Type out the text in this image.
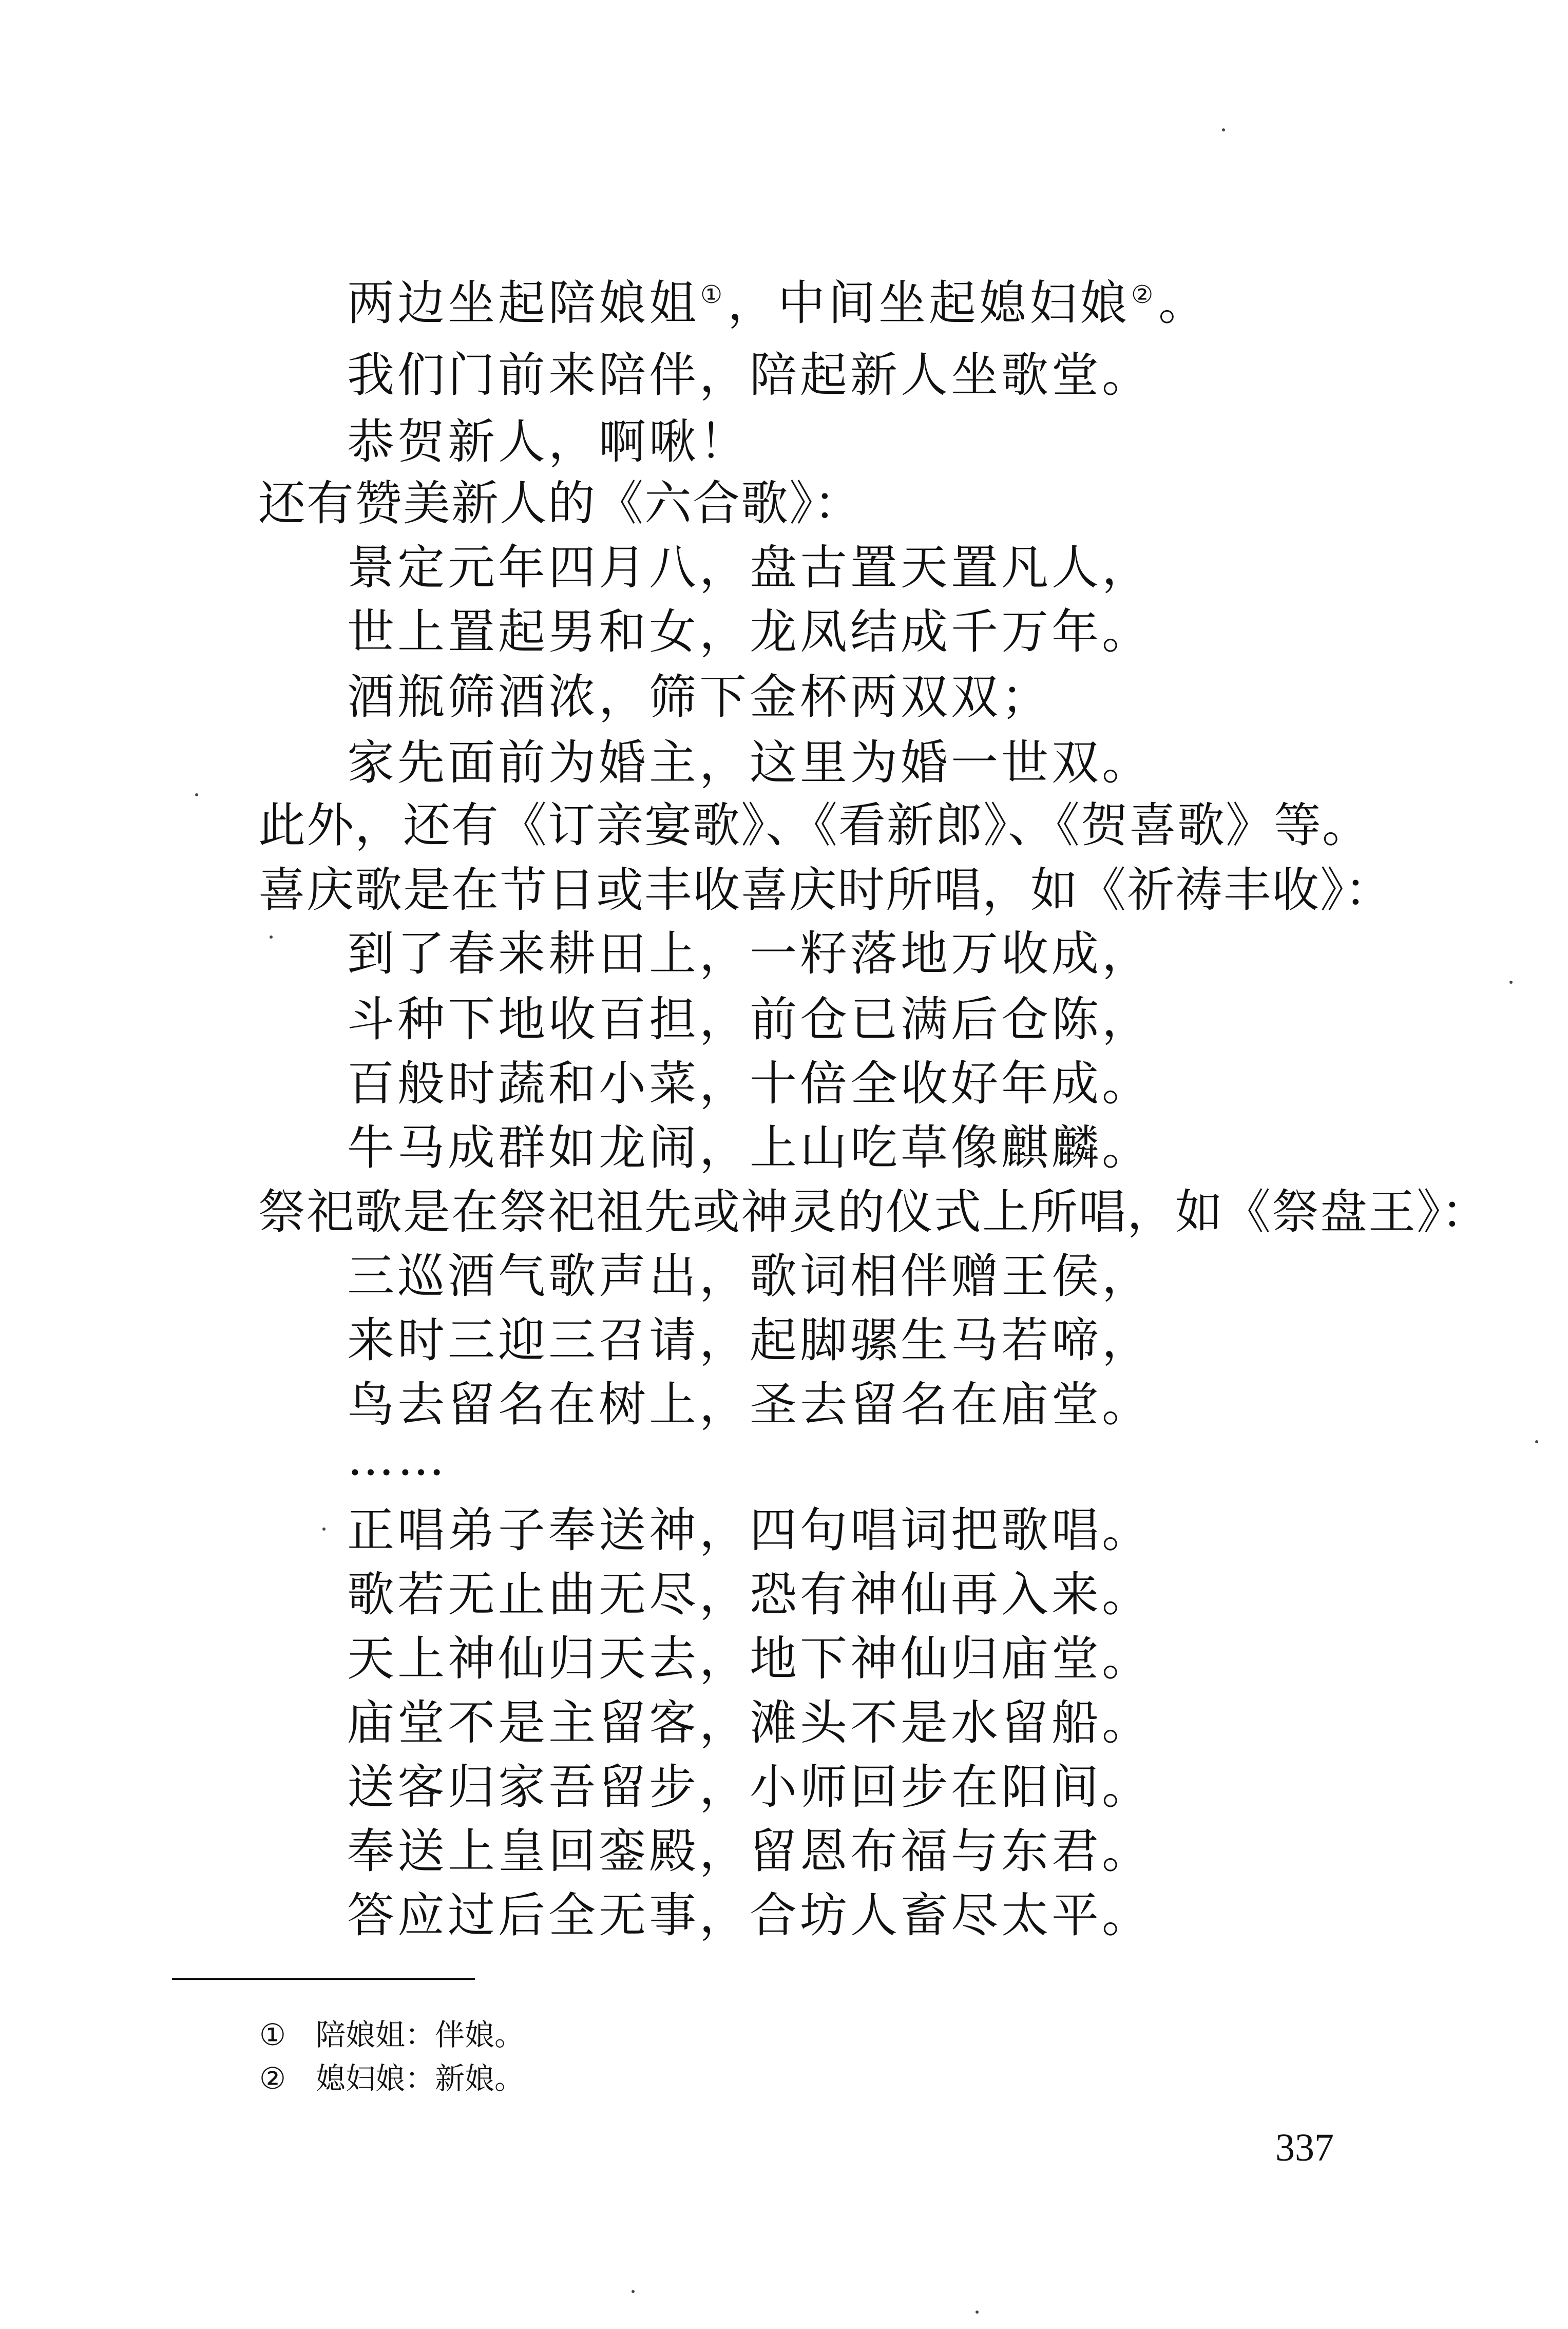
两边坐起陪娘姐①，中间坐起媳妇娘②。
我们门前来陪伴，陪起新人坐歌堂。
恭贺新人，啊啾！
还有赞美新人的《六合歌》：
景定元年四月八，盘古置天置凡人，
世上置起男和女，龙凤结成千万年。
酒瓶筛酒浓，筛下金杯两双双；
家先面前为婚主，这里为婚一世双。
此外，还有《订亲宴歌》、《看新郎》、《贺喜歌》等。
喜庆歌是在节日或丰收喜庆时所唱，如《祈祷丰收》：
到了春来耕田上，一籽落地万收成，
斗种下地收百担，前仓已满后仓陈，
百般时蔬和小菜，十倍全收好年成。
牛马成群如龙闹，上山吃草像麒麟。
祭祀歌是在祭祀祖先或神灵的仪式上所唱，如《祭盘王》：
三巡酒气歌声出，歌词相伴赠王侯，
来时三迎三召请，起脚骡生马若啼，
鸟去留名在树上，圣去留名在庙堂。
……
正唱弟子奉送神，四句唱词把歌唱。
歌若无止曲无尽，恐有神仙再入来。
天上神仙归天去，地下神仙归庙堂。
庙堂不是主留客，滩头不是水留船。
送客归家吾留步，小师回步在阳间。
奉送上皇回銮殿，留恩布福与东君。
答应过后全无事，合坊人畜尽太平。
① 陪娘姐：伴娘。
② 媳妇娘：新娘。
337
